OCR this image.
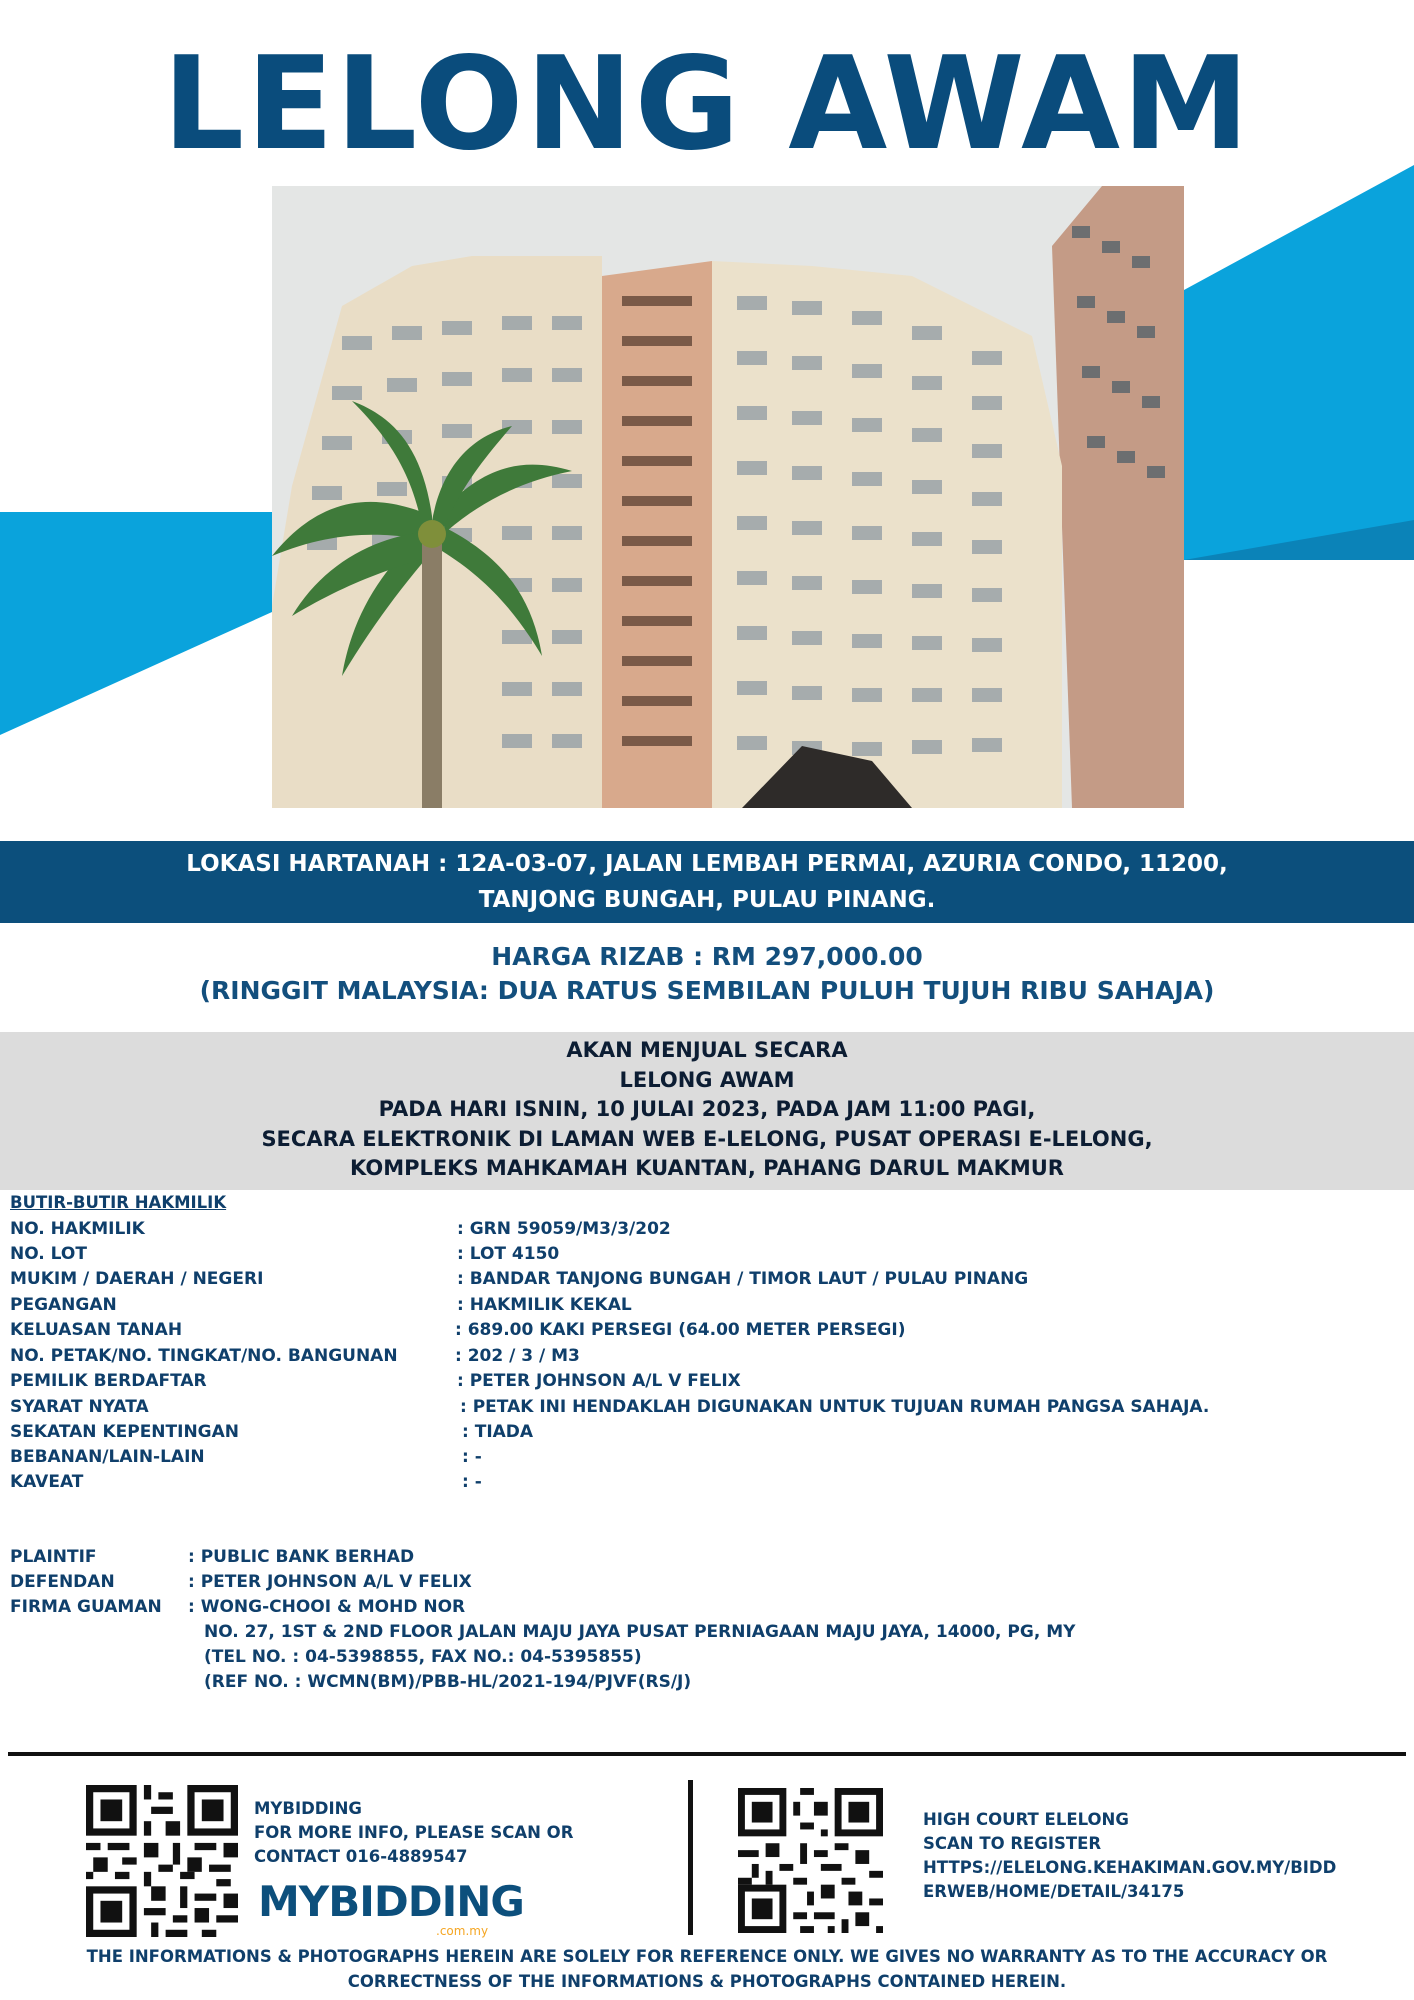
LELONG AWAM
LOKASI HARTANAH : 12A-03-07, JALAN LEMBAH PERMAI, AZURIA CONDO, 11200,
TANJONG BUNGAH, PULAU PINANG.
HARGA RIZAB : RM 297,000.00
(RINGGIT MALAYSIA: DUA RATUS SEMBILAN PULUH TUJUH RIBU SAHAJA)
AKAN MENJUAL SECARA
LELONG AWAM
PADA HARI ISNIN, 10 JULAI 2023, PADA JAM 11:00 PAGI,
SECARA ELEKTRONIK DI LAMAN WEB E-LELONG, PUSAT OPERASI E-LELONG,
KOMPLEKS MAHKAMAH KUANTAN, PAHANG DARUL MAKMUR
BUTIR-BUTIR HAKMILIK
NO. HAKMILIK	: GRN 59059/M3/3/202
NO. LOT	: LOT 4150
MUKIM / DAERAH / NEGERI	: BANDAR TANJONG BUNGAH / TIMOR LAUT / PULAU PINANG
PEGANGAN	: HAKMILIK KEKAL
KELUASAN TANAH	: 689.00 KAKI PERSEGI (64.00 METER PERSEGI)
NO. PETAK/NO. TINGKAT/NO. BANGUNAN	: 202 / 3 / M3
PEMILIK BERDAFTAR	: PETER JOHNSON A/L V FELIX
SYARAT NYATA	: PETAK INI HENDAKLAH DIGUNAKAN UNTUK TUJUAN RUMAH PANGSA SAHAJA.
SEKATAN KEPENTINGAN	: TIADA
BEBANAN/LAIN-LAIN	: -
KAVEAT	: -
PLAINTIF	: PUBLIC BANK BERHAD
DEFENDAN	: PETER JOHNSON A/L V FELIX
FIRMA GUAMAN : WONG-CHOOI & MOHD NOR
NO. 27, 1ST & 2ND FLOOR JALAN MAJU JAYA PUSAT PERNIAGAAN MAJU JAYA, 14000, PG, MY
(TEL NO. : 04-5398855, FAX NO.: 04-5395855)
(REF NO. : WCMN(BM)/PBB-HL/2021-194/PJVF(RS/J)
MYBIDDING
FOR MORE INFO, PLEASE SCAN OR
CONTACT 016-4889547
MYBIDDING
.com.my
HIGH COURT ELELONG
SCAN TO REGISTER
HTTPS://ELELONG.KEHAKIMAN.GOV.MY/BIDD
ERWEB/HOME/DETAIL/34175
THE INFORMATIONS & PHOTOGRAPHS HEREIN ARE SOLELY FOR REFERENCE ONLY. WE GIVES NO WARRANTY AS TO THE ACCURACY OR
CORRECTNESS OF THE INFORMATIONS & PHOTOGRAPHS CONTAINED HEREIN.
